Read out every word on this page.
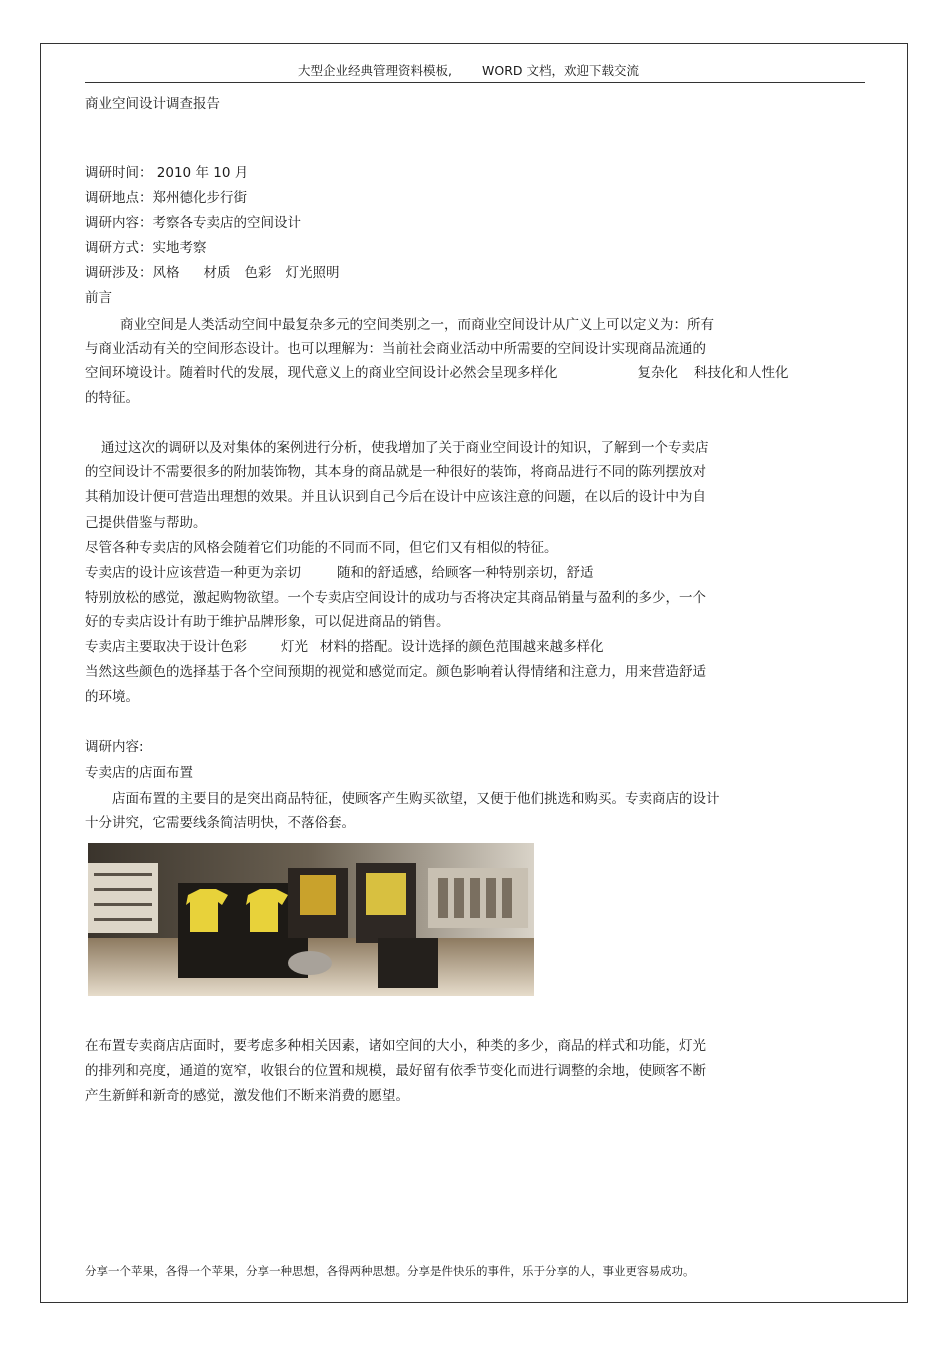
大型企业经典管理资料模板, WORD 文档，欢迎下载交流
商业空间设计调查报告
调研时间： 2010 年 10 月
调研地点：郑州德化步行街
调研内容：考察各专卖店的空间设计
调研方式：实地考察
调研涉及：风格 材质 色彩 灯光照明
前言
商业空间是人类活动空间中最复杂多元的空间类别之一，而商业空间设计从广义上可以定义为：所有
与商业活动有关的空间形态设计。也可以理解为：当前社会商业活动中所需要的空间设计实现商品流通的
空间环境设计。随着时代的发展，现代意义上的商业空间设计必然会呈现多样化	复杂化 科技化和人性化
的特征。
通过这次的调研以及对集体的案例进行分析，使我增加了关于商业空间设计的知识，了解到一个专卖店
的空间设计不需要很多的附加装饰物，其本身的商品就是一种很好的装饰，将商品进行不同的陈列摆放对
其稍加设计便可营造出理想的效果。并且认识到自己今后在设计中应该注意的问题，在以后的设计中为自
己提供借鉴与帮助。
尽管各种专卖店的风格会随着它们功能的不同而不同，但它们又有相似的特征。
专卖店的设计应该营造一种更为亲切	随和的舒适感，给顾客一种特别亲切，舒适
特别放松的感觉，激起购物欲望。一个专卖店空间设计的成功与否将决定其商品销量与盈利的多少，一个
好的专卖店设计有助于维护品牌形象，可以促进商品的销售。
专卖店主要取决于设计色彩	灯光 材料的搭配。设计选择的颜色范围越来越多样化
当然这些颜色的选择基于各个空间预期的视觉和感觉而定。颜色影响着认得情绪和注意力，用来营造舒适
的环境。
调研内容:
专卖店的店面布置
店面布置的主要目的是突出商品特征，使顾客产生购买欲望，又便于他们挑选和购买。专卖商店的设计
十分讲究，它需要线条简洁明快，不落俗套。
在布置专卖商店店面时，要考虑多种相关因素，诸如空间的大小，种类的多少，商品的样式和功能，灯光
的排列和亮度，通道的宽窄，收银台的位置和规模，最好留有依季节变化而进行调整的余地，使顾客不断
产生新鲜和新奇的感觉，激发他们不断来消费的愿望。
分享一个苹果，各得一个苹果，分享一种思想，各得两种思想。分享是件快乐的事件，乐于分享的人，事业更容易成功。
